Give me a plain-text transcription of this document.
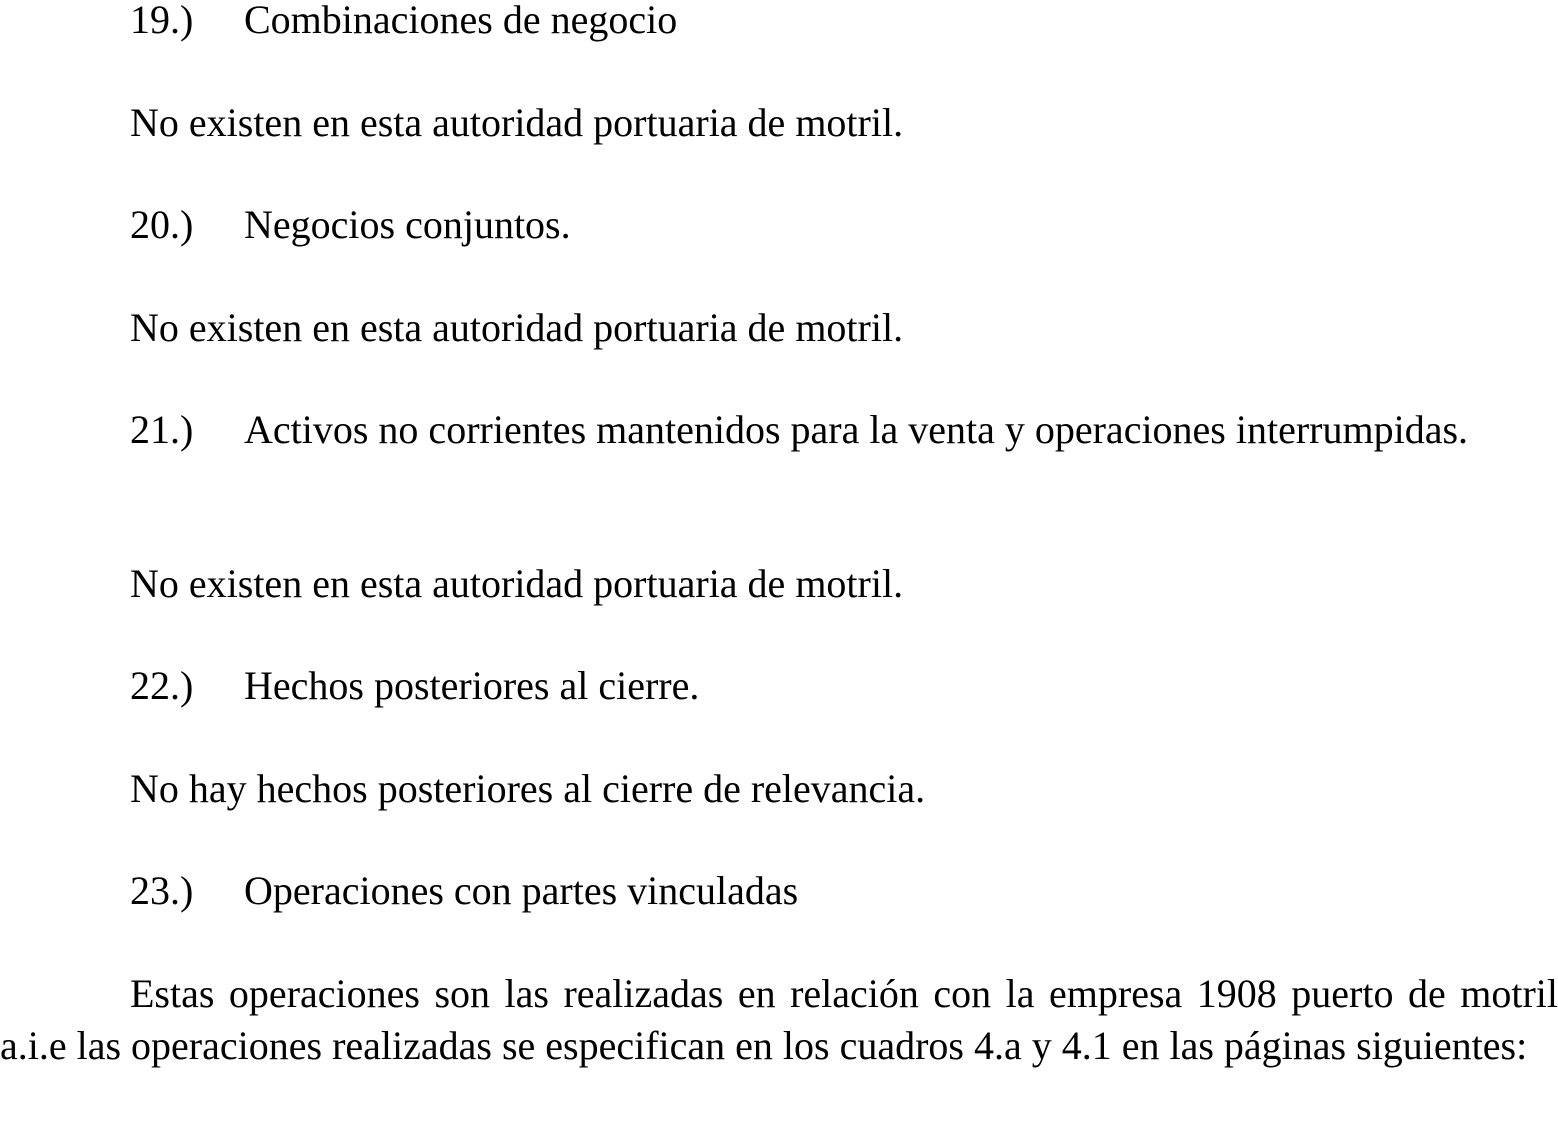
19.) Combinaciones de negocio
No existen en esta autoridad portuaria de motril.
20.) Negocios conjuntos.
No existen en esta autoridad portuaria de motril.
21.) Activos no corrientes mantenidos para la venta y operaciones interrumpidas.
No existen en esta autoridad portuaria de motril.
22.) Hechos posteriores al cierre.
No hay hechos posteriores al cierre de relevancia.
23.) Operaciones con partes vinculadas
Estas operaciones son las realizadas en relación con la empresa 1908 puerto de motril a.i.e las operaciones realizadas se especifican en los cuadros 4.a y 4.1 en las páginas siguientes:
